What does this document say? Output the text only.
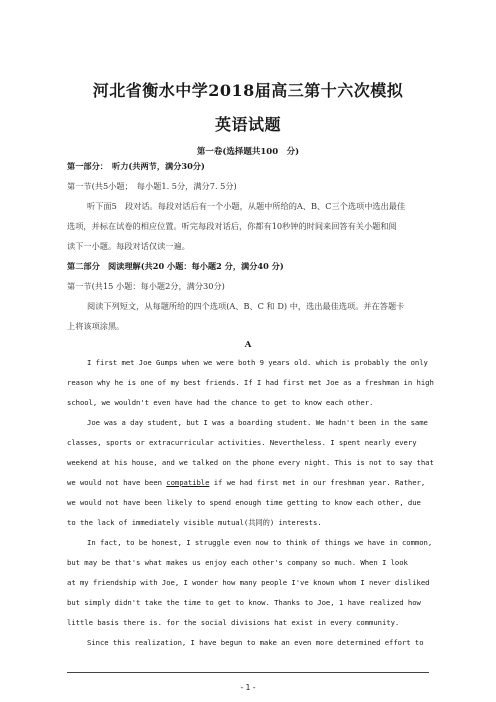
河北省衡水中学2018届高三第十六次模拟
英语试题
第一卷(选择题共100　分)
第一部分：　听力(共两节，满分30分)
第一节(共5小题；　每小题1. 5分，满分7. 5分)
听下面5　段对话。每段对话后有一个小题，从题中所给的A、B、C三个选项中选出最佳
选项，并标在试卷的相应位置。听完每段对话后，你都有10秒钟的时间来回答有关小题和阅
读下一小题。每段对话仅读一遍。
第二部分　阅读理解(共20 小题：每小题2 分，满分40 分)
第一节(共15 小题：每小题2分，满分30分)
阅读下列短文，从每题所给的四个选项(A、B、C 和 D) 中，选出最佳选项。并在答题卡
上将该项涂黑。
A
I first met Joe Gumps when we were both 9 years old. which is probably the only
reason why he is one of my best friends. If I had first met Joe as a freshman in high
school, we wouldn't even have had the chance to get to know each other.
Joe was a day student, but I was a boarding student. We hadn't been in the same
classes, sports or extracurricular activities. Nevertheless. I spent nearly every
weekend at his house, and we talked on the phone every night. This is not to say that
we would not have been compatible if we had first met in our freshman year. Rather,
we would not have been likely to spend enough time getting to know each other, due
to the lack of immediately visible mutual(共同的) interests.
In fact, to be honest, I struggle even now to think of things we have in common,
but may be that's what makes us enjoy each other's company so much. When I look
at my friendship with Joe, I wonder how many people I've known whom I never disliked
but simply didn't take the time to get to know. Thanks to Joe, 1 have realized how
little basis there is. for the social divisions hat exist in every community.
Since this realization, I have begun to make an even more determined effort to
- 1 -
